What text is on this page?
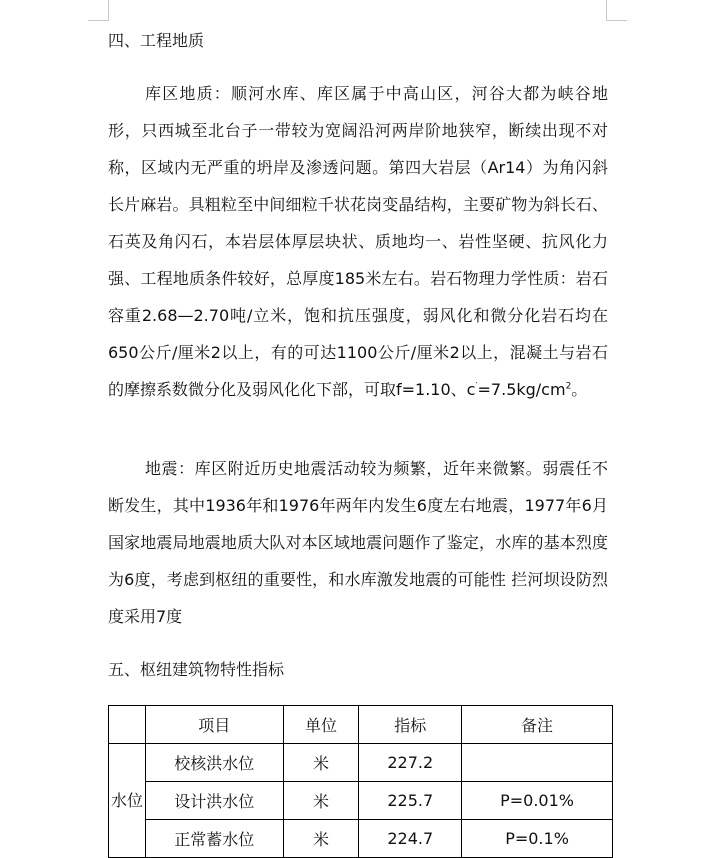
四、工程地质
库区地质：顺河水库、库区属于中高山区，河谷大都为峡谷地形，只西城至北台子一带较为宽阔沿河两岸阶地狭窄，断续出现不对称，区域内无严重的坍岸及渗透问题。第四大岩层（Ar14）为角闪斜长片麻岩。具粗粒至中间细粒千状花岗变晶结构，主要矿物为斜长石、石英及角闪石，本岩层体厚层块状、质地均一、岩性坚硬、抗风化力强、工程地质条件较好，总厚度185米左右。岩石物理力学性质：岩石容重2.68—2.70吨/立米，饱和抗压强度，弱风化和微分化岩石均在650公斤/厘米2以上，有的可达1100公斤/厘米2以上，混凝土与岩石的摩擦系数微分化及弱风化化下部，可取f=1.10、$c'=7.5kg/cm^2$。
地震：库区附近历史地震活动较为频繁，近年来微繁。弱震任不断发生，其中1936年和1976年两年内发生6度左右地震，1977年6月国家地震局地震地质大队对本区域地震问题作了鉴定，水库的基本烈度为6度，考虑到枢纽的重要性，和水库激发地震的可能性 拦河坝设防烈度采用7度
五、枢纽建筑物特性指标
	项目	单位	指标	备注
水位	校核洪水位	米	227.2	
	设计洪水位	米	225.7	P=0.01%
	正常蓄水位	米	224.7	P=0.1%
